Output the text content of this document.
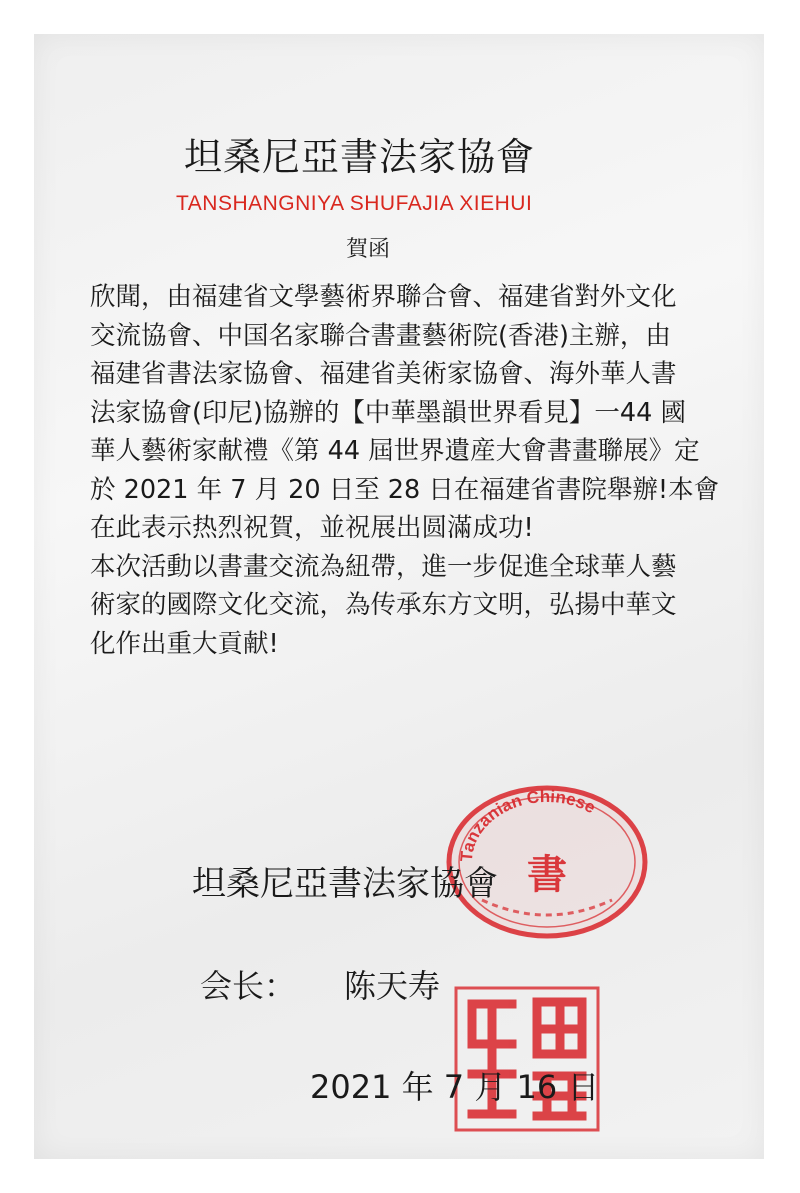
坦桑尼亞書法家協會
TANSHANGNIYA SHUFAJIA XIEHUI
賀函
欣聞，由福建省文學藝術界聯合會、福建省對外文化
交流協會、中国名家聯合書畫藝術院(香港)主辦，由
福建省書法家協會、福建省美術家協會、海外華人書
法家協會(印尼)協辦的【中華墨韻世界看見】一44 國
華人藝術家献禮《第 44 屆世界遺産大會書畫聯展》定
於 2021 年 7 月 20 日至 28 日在福建省書院舉辦!本會
在此表示热烈祝賀，並祝展出圆滿成功!
本次活動以書畫交流為紐帶，進一步促進全球華人藝
術家的國際文化交流，為传承东方文明，弘揚中華文
化作出重大貢献!
Tanzanian Chinese
書
坦桑尼亞書法家協會
会长： 陈天寿
2021 年 7 月 16 日
